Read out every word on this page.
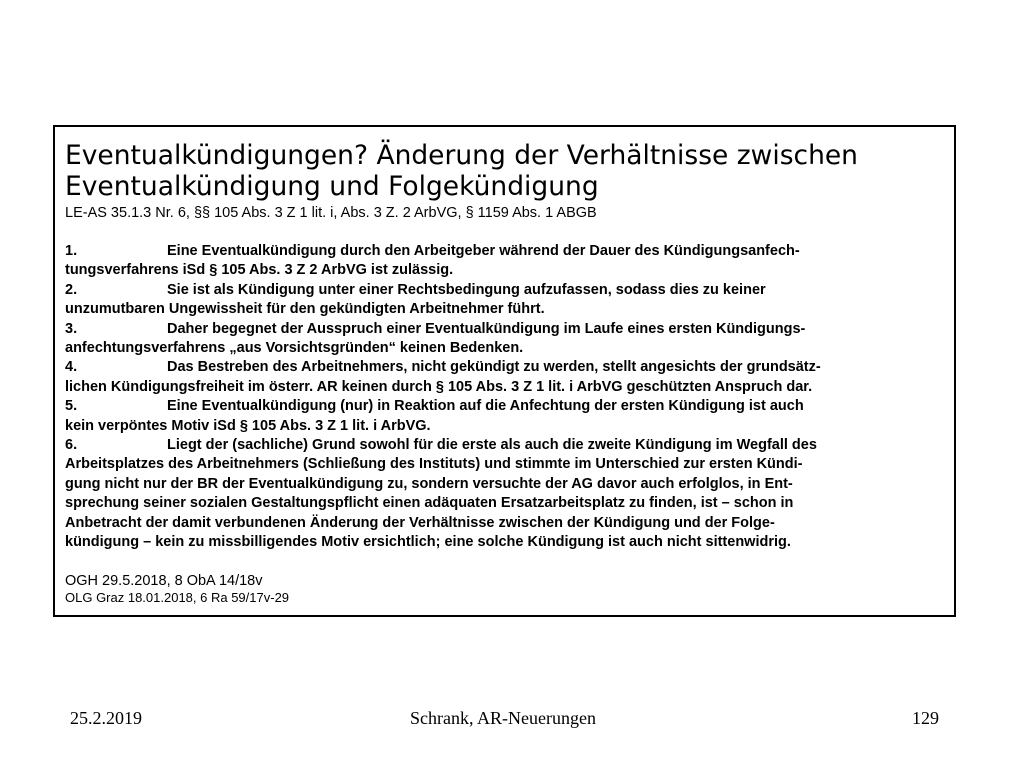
Eventualkündigungen? Änderung der Verhältnisse zwischen
Eventualkündigung und Folgekündigung
LE-AS 35.1.3 Nr. 6, §§ 105 Abs. 3 Z 1 lit. i, Abs. 3 Z. 2 ArbVG, § 1159 Abs. 1 ABGB
1.	Eine Eventualkündigung durch den Arbeitgeber während der Dauer des Kündigungsanfech-
tungsverfahrens iSd § 105 Abs. 3 Z 2 ArbVG ist zulässig.
2.	Sie ist als Kündigung unter einer Rechtsbedingung aufzufassen, sodass dies zu keiner
unzumutbaren Ungewissheit für den gekündigten Arbeitnehmer führt.
3.	Daher begegnet der Ausspruch einer Eventualkündigung im Laufe eines ersten Kündigungs-
anfechtungsverfahrens „aus Vorsichtsgründen“ keinen Bedenken.
4.	Das Bestreben des Arbeitnehmers, nicht gekündigt zu werden, stellt angesichts der grundsätz-
lichen Kündigungsfreiheit im österr. AR keinen durch § 105 Abs. 3 Z 1 lit. i ArbVG geschützten Anspruch dar.
5.	Eine Eventualkündigung (nur) in Reaktion auf die Anfechtung der ersten Kündigung ist auch
kein verpöntes Motiv iSd § 105 Abs. 3 Z 1 lit. i ArbVG.
6.	Liegt der (sachliche) Grund sowohl für die erste als auch die zweite Kündigung im Wegfall des
Arbeitsplatzes des Arbeitnehmers (Schließung des Instituts) und stimmte im Unterschied zur ersten Kündi-
gung nicht nur der BR der Eventualkündigung zu, sondern versuchte der AG davor auch erfolglos, in Ent-
sprechung seiner sozialen Gestaltungspflicht einen adäquaten Ersatzarbeitsplatz zu finden, ist – schon in
Anbetracht der damit verbundenen Änderung der Verhältnisse zwischen der Kündigung und der Folge-
kündigung – kein zu missbilligendes Motiv ersichtlich; eine solche Kündigung ist auch nicht sittenwidrig.
OGH 29.5.2018, 8 ObA 14/18v
OLG Graz 18.01.2018, 6 Ra 59/17v-29
25.2.2019	Schrank, AR-Neuerungen	129
